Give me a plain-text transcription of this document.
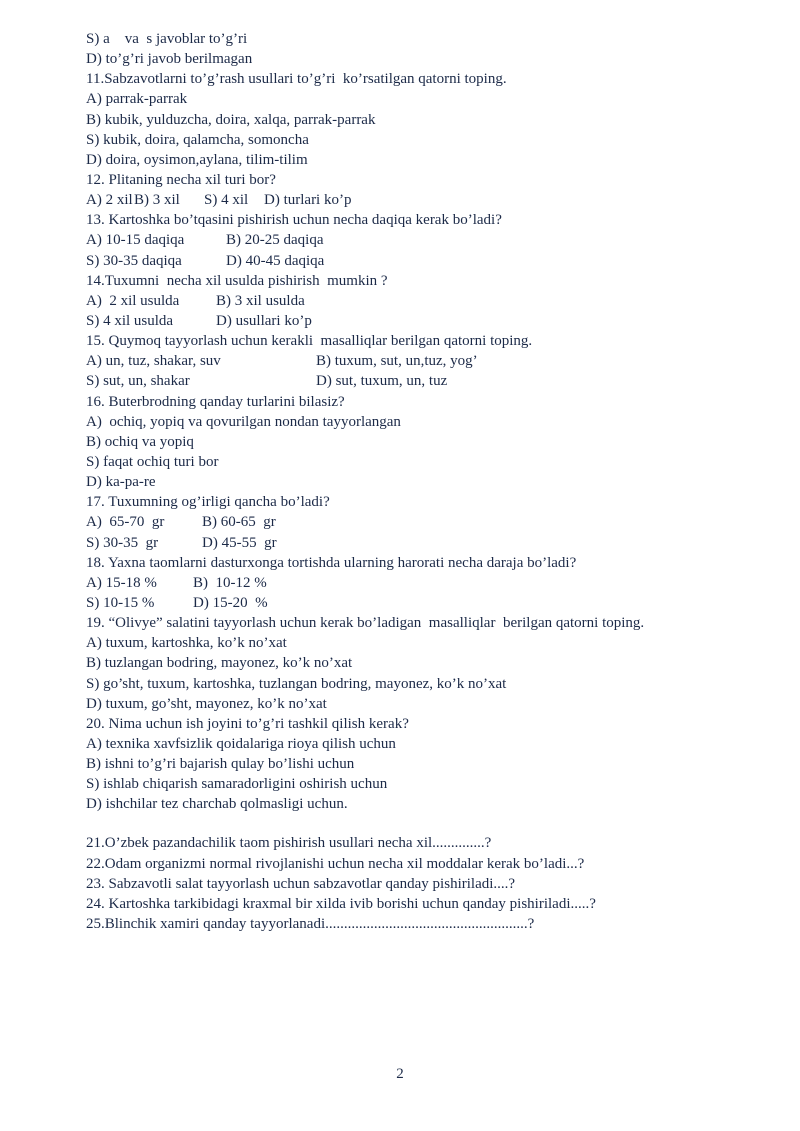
S) a    va  s javoblar to’g’ri
D) to’g’ri javob berilmagan
11.Sabzavotlarni to’g’rash usullari to’g’ri  ko’rsatilgan qatorni toping.
A) parrak-parrak
B) kubik, yulduzcha, doira, xalqa, parrak-parrak
S) kubik, doira, qalamcha, somoncha
D) doira, oysimon,aylana, tilim-tilim
12. Plitaning necha xil turi bor?
A) 2 xil B) 3 xil S) 4 xil D) turlari ko’p
13. Kartoshka bo’tqasini pishirish uchun necha daqiqa kerak bo’ladi?
A) 10-15 daqiqa	B) 20-25 daqiqa
S) 30-35 daqiqa	D) 40-45 daqiqa
14.Tuxumni  necha xil usulda pishirish  mumkin ?
A)  2 xil usulda B) 3 xil usulda
S) 4 xil usulda	D) usullari ko’p
15. Quymoq tayyorlash uchun kerakli  masalliqlar berilgan qatorni toping.
A) un, tuz, shakar, suv	B) tuxum, sut, un,tuz, yog’
S) sut, un, shakar	D) sut, tuxum, un, tuz
16. Buterbrodning qanday turlarini bilasiz?
A)  ochiq, yopiq va qovurilgan nondan tayyorlangan
B) ochiq va yopiq
S) faqat ochiq turi bor
D) ka-pa-re
17. Tuxumning og’irligi qancha bo’ladi?
A)  65-70  gr	B) 60-65  gr
S) 30-35  gr	D) 45-55  gr
18. Yaxna taomlarni dasturxonga tortishda ularning harorati necha daraja bo’ladi?
A) 15-18 % B)  10-12 %
S) 10-15 %	D) 15-20  %
19. “Olivye” salatini tayyorlash uchun kerak bo’ladigan  masalliqlar  berilgan qatorni toping.
A) tuxum, kartoshka, ko’k no’xat
B) tuzlangan bodring, mayonez, ko’k no’xat
S) go’sht, tuxum, kartoshka, tuzlangan bodring, mayonez, ko’k no’xat
D) tuxum, go’sht, mayonez, ko’k no’xat
20. Nima uchun ish joyini to’g’ri tashkil qilish kerak?
A) texnika xavfsizlik qoidalariga rioya qilish uchun
B) ishni to’g’ri bajarish qulay bo’lishi uchun
S) ishlab chiqarish samaradorligini oshirish uchun
D) ishchilar tez charchab qolmasligi uchun.
21.O’zbek pazandachilik taom pishirish usullari necha xil..............?
22.Odam organizmi normal rivojlanishi uchun necha xil moddalar kerak bo’ladi...?
23. Sabzavotli salat tayyorlash uchun sabzavotlar qanday pishiriladi....?
24. Kartoshka tarkibidagi kraxmal bir xilda ivib borishi uchun qanday pishiriladi.....?
25.Blinchik xamiri qanday tayyorlanadi......................................................?
2
